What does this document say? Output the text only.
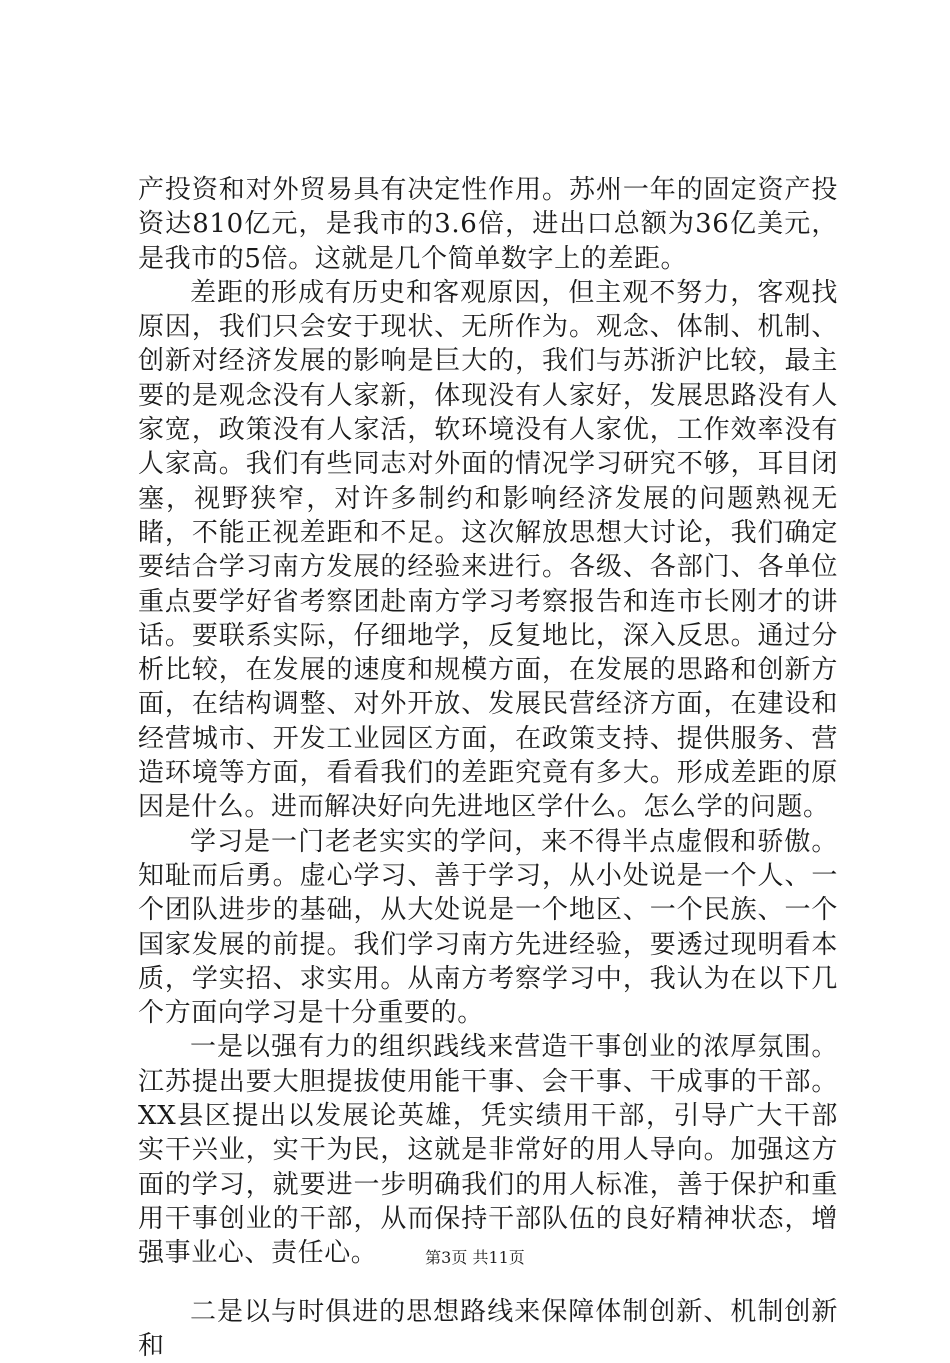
产投资和对外贸易具有决定性作用。苏州一年的固定资产投资达810亿元，是我市的3.6倍，进出口总额为36亿美元，是我市的5倍。这就是几个简单数字上的差距。

差距的形成有历史和客观原因，但主观不努力，客观找原因，我们只会安于现状、无所作为。观念、体制、机制、创新对经济发展的影响是巨大的，我们与苏浙沪比较，最主要的是观念没有人家新，体现没有人家好，发展思路没有人家宽，政策没有人家活，软环境没有人家优，工作效率没有人家高。我们有些同志对外面的情况学习研究不够，耳目闭塞，视野狭窄，对许多制约和影响经济发展的问题熟视无睹，不能正视差距和不足。这次解放思想大讨论，我们确定要结合学习南方发展的经验来进行。各级、各部门、各单位重点要学好省考察团赴南方学习考察报告和连市长刚才的讲话。要联系实际，仔细地学，反复地比，深入反思。通过分析比较，在发展的速度和规模方面，在发展的思路和创新方面，在结构调整、对外开放、发展民营经济方面，在建设和经营城市、开发工业园区方面，在政策支持、提供服务、营造环境等方面，看看我们的差距究竟有多大。形成差距的原因是什么。进而解决好向先进地区学什么。怎么学的问题。

学习是一门老老实实的学问，来不得半点虚假和骄傲。知耻而后勇。虚心学习、善于学习，从小处说是一个人、一个团队进步的基础，从大处说是一个地区、一个民族、一个国家发展的前提。我们学习南方先进经验，要透过现明看本质，学实招、求实用。从南方考察学习中，我认为在以下几个方面向学习是十分重要的。

一是以强有力的组织践线来营造干事创业的浓厚氛围。江苏提出要大胆提拔使用能干事、会干事、干成事的干部。XX县区提出以发展论英雄，凭实绩用干部，引导广大干部实干兴业，实干为民，这就是非常好的用人导向。加强这方面的学习，就要进一步明确我们的用人标准，善于保护和重用干事创业的干部，从而保持干部队伍的良好精神状态，增强事业心、责任心。

二是以与时俱进的思想路线来保障体制创新、机制创新和

第3页 共11页
